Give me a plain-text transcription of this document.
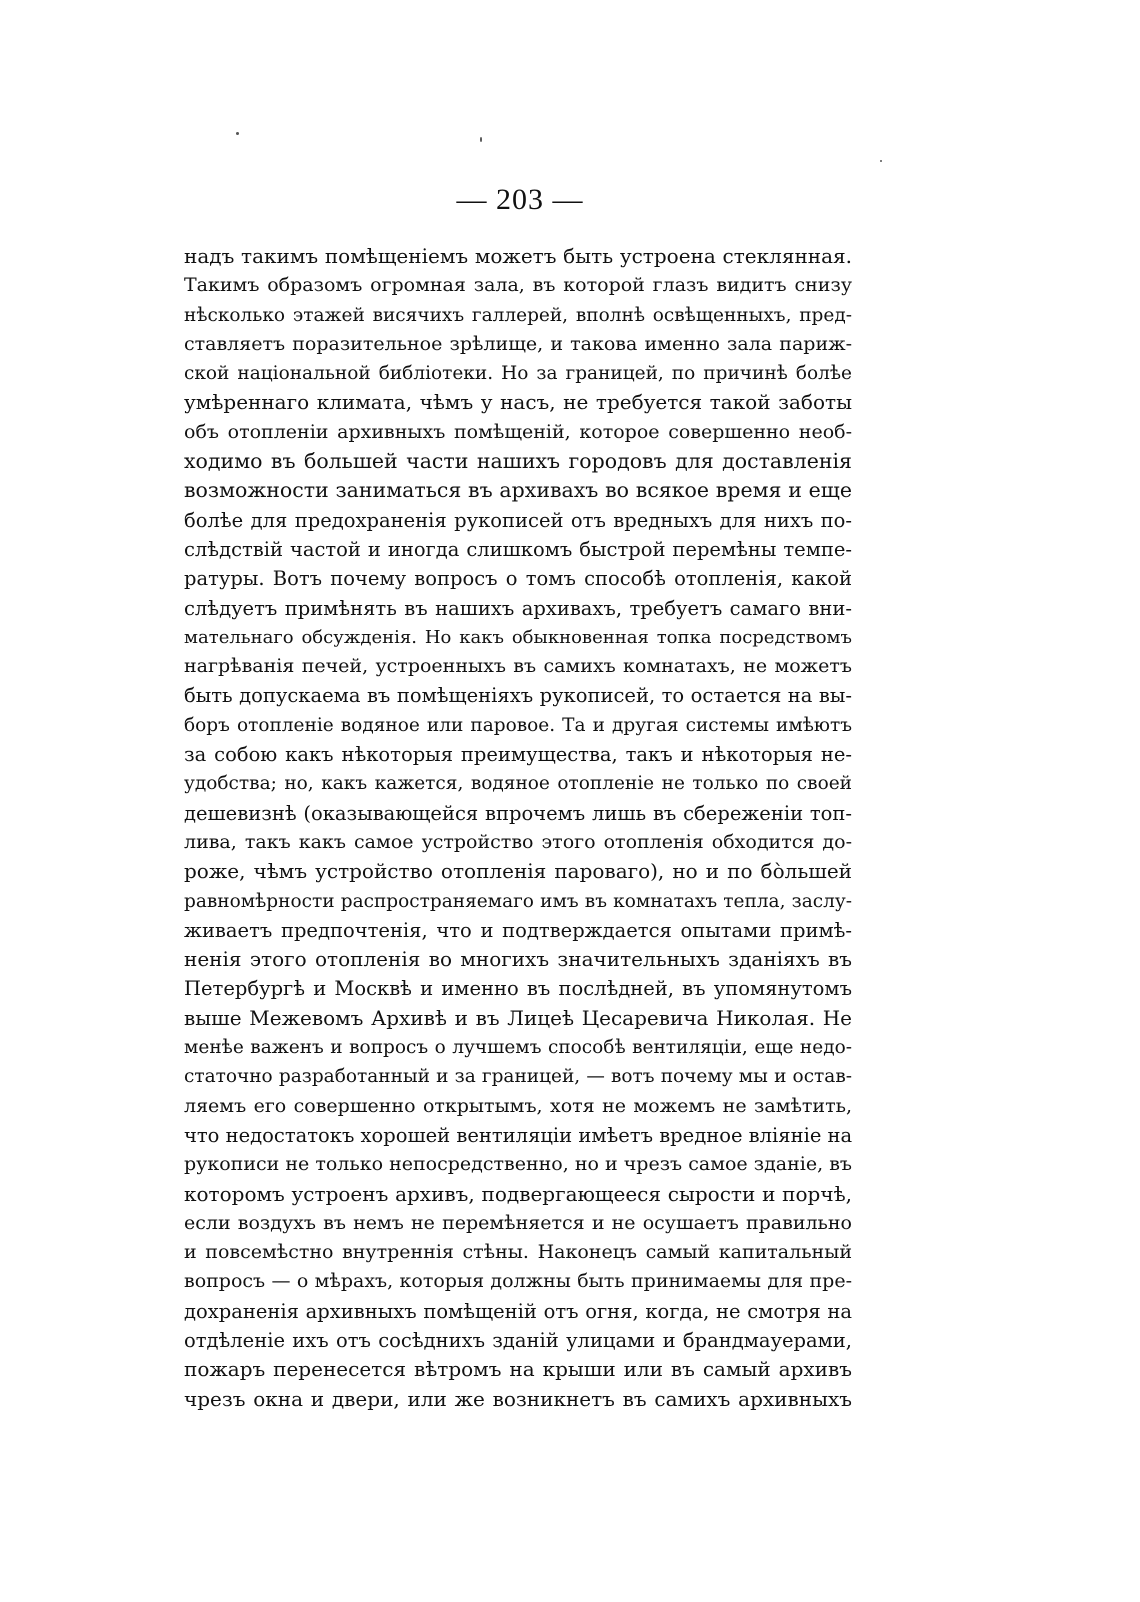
— 203 —
надъ такимъ помѣщеніемъ можетъ быть устроена стеклянная.
Такимъ образомъ огромная зала, въ которой глазъ видитъ снизу
нѣсколько этажей висячихъ галлерей, вполнѣ освѣщенныхъ, пред-
ставляетъ поразительное зрѣлище, и такова именно зала париж-
ской національной библіотеки. Но за границей, по причинѣ болѣе
умѣреннаго климата, чѣмъ у насъ, не требуется такой заботы
объ отопленіи архивныхъ помѣщеній, которое совершенно необ-
ходимо въ большей части нашихъ городовъ для доставленія
возможности заниматься въ архивахъ во всякое время и еще
болѣе для предохраненія рукописей отъ вредныхъ для нихъ по-
слѣдствій частой и иногда слишкомъ быстрой перемѣны темпе-
ратуры. Вотъ почему вопросъ о томъ способѣ отопленія, какой
слѣдуетъ примѣнять въ нашихъ архивахъ, требуетъ самаго вни-
мательнаго обсужденія. Но какъ обыкновенная топка посредствомъ
нагрѣванія печей, устроенныхъ въ самихъ комнатахъ, не можетъ
быть допускаема въ помѣщеніяхъ рукописей, то остается на вы-
боръ отопленіе водяное или паровое. Та и другая системы имѣютъ
за собою какъ нѣкоторыя преимущества, такъ и нѣкоторыя не-
удобства; но, какъ кажется, водяное отопленіе не только по своей
дешевизнѣ (оказывающейся впрочемъ лишь въ сбереженіи топ-
лива, такъ какъ самое устройство этого отопленія обходится до-
роже, чѣмъ устройство отопленія пароваго), но и по бо̀льшей
равномѣрности распространяемаго имъ въ комнатахъ тепла, заслу-
живаетъ предпочтенія, что и подтверждается опытами примѣ-
ненія этого отопленія во многихъ значительныхъ зданіяхъ въ
Петербургѣ и Москвѣ и именно въ послѣдней, въ упомянутомъ
выше Межевомъ Архивѣ и въ Лицеѣ Цесаревича Николая. Не
менѣе важенъ и вопросъ о лучшемъ способѣ вентиляціи, еще недо-
статочно разработанный и за границей, — вотъ почему мы и остав-
ляемъ его совершенно открытымъ, хотя не можемъ не замѣтить,
что недостатокъ хорошей вентиляціи имѣетъ вредное вліяніе на
рукописи не только непосредственно, но и чрезъ самое зданіе, въ
которомъ устроенъ архивъ, подвергающееся сырости и порчѣ,
если воздухъ въ немъ не перемѣняется и не осушаетъ правильно
и повсемѣстно внутреннія стѣны. Наконецъ самый капитальный
вопросъ — о мѣрахъ, которыя должны быть принимаемы для пре-
дохраненія архивныхъ помѣщеній отъ огня, когда, не смотря на
отдѣленіе ихъ отъ сосѣднихъ зданій улицами и брандмауерами,
пожаръ перенесется вѣтромъ на крыши или въ самый архивъ
чрезъ окна и двери, или же возникнетъ въ самихъ архивныхъ
